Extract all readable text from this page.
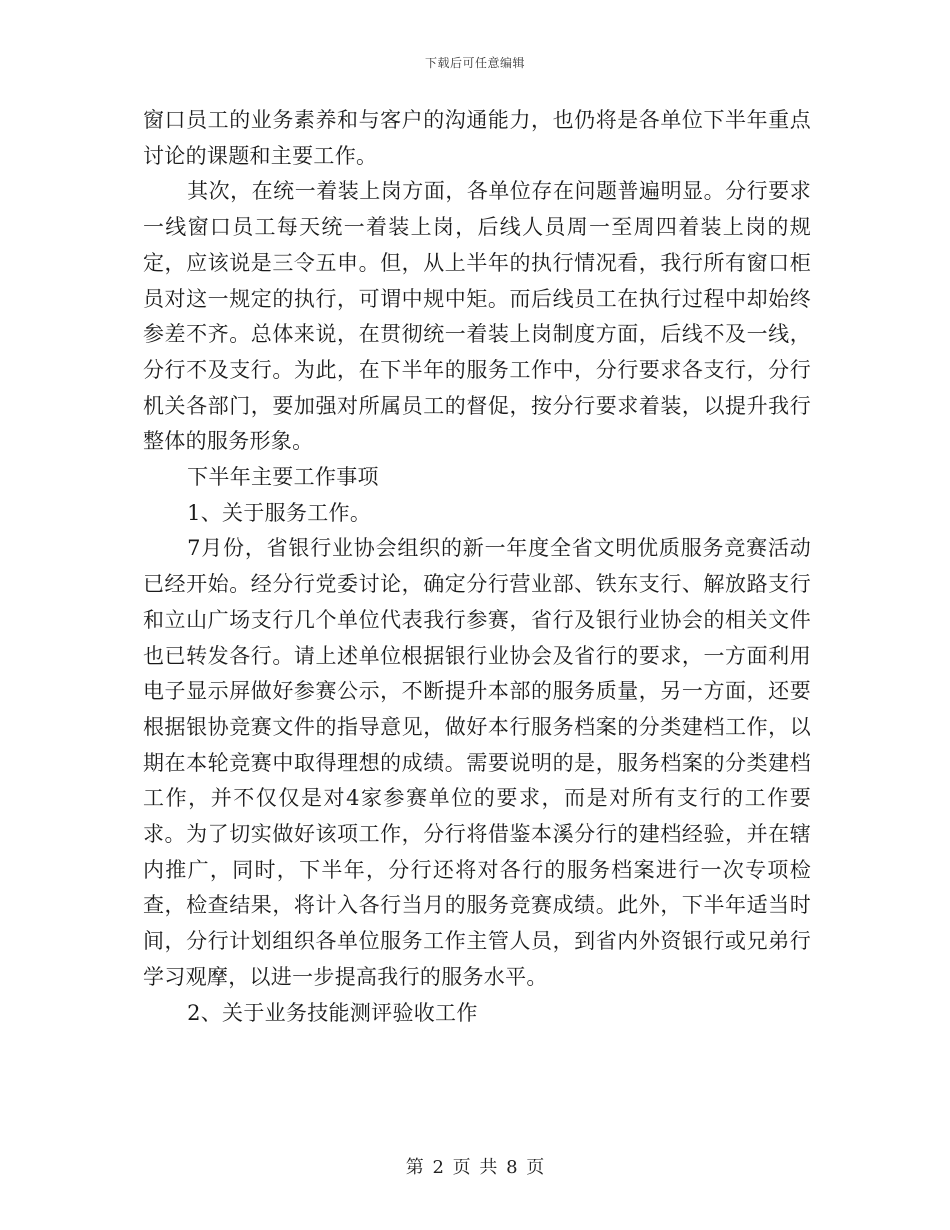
下载后可任意编辑

窗口员工的业务素养和与客户的沟通能力，也仍将是各单位下半年重点讨论的课题和主要工作。

其次，在统一着装上岗方面，各单位存在问题普遍明显。分行要求一线窗口员工每天统一着装上岗，后线人员周一至周四着装上岗的规定，应该说是三令五申。但，从上半年的执行情况看，我行所有窗口柜员对这一规定的执行，可谓中规中矩。而后线员工在执行过程中却始终参差不齐。总体来说，在贯彻统一着装上岗制度方面，后线不及一线，分行不及支行。为此，在下半年的服务工作中，分行要求各支行，分行机关各部门，要加强对所属员工的督促，按分行要求着装，以提升我行整体的服务形象。

下半年主要工作事项

1、关于服务工作。

7月份，省银行业协会组织的新一年度全省文明优质服务竞赛活动已经开始。经分行党委讨论，确定分行营业部、铁东支行、解放路支行和立山广场支行几个单位代表我行参赛，省行及银行业协会的相关文件也已转发各行。请上述单位根据银行业协会及省行的要求，一方面利用电子显示屏做好参赛公示，不断提升本部的服务质量，另一方面，还要根据银协竞赛文件的指导意见，做好本行服务档案的分类建档工作，以期在本轮竞赛中取得理想的成绩。需要说明的是，服务档案的分类建档工作，并不仅仅是对4家参赛单位的要求，而是对所有支行的工作要求。为了切实做好该项工作，分行将借鉴本溪分行的建档经验，并在辖内推广，同时，下半年，分行还将对各行的服务档案进行一次专项检查，检查结果，将计入各行当月的服务竞赛成绩。此外，下半年适当时间，分行计划组织各单位服务工作主管人员，到省内外资银行或兄弟行学习观摩，以进一步提高我行的服务水平。

2、关于业务技能测评验收工作

第 2 页 共 8 页
